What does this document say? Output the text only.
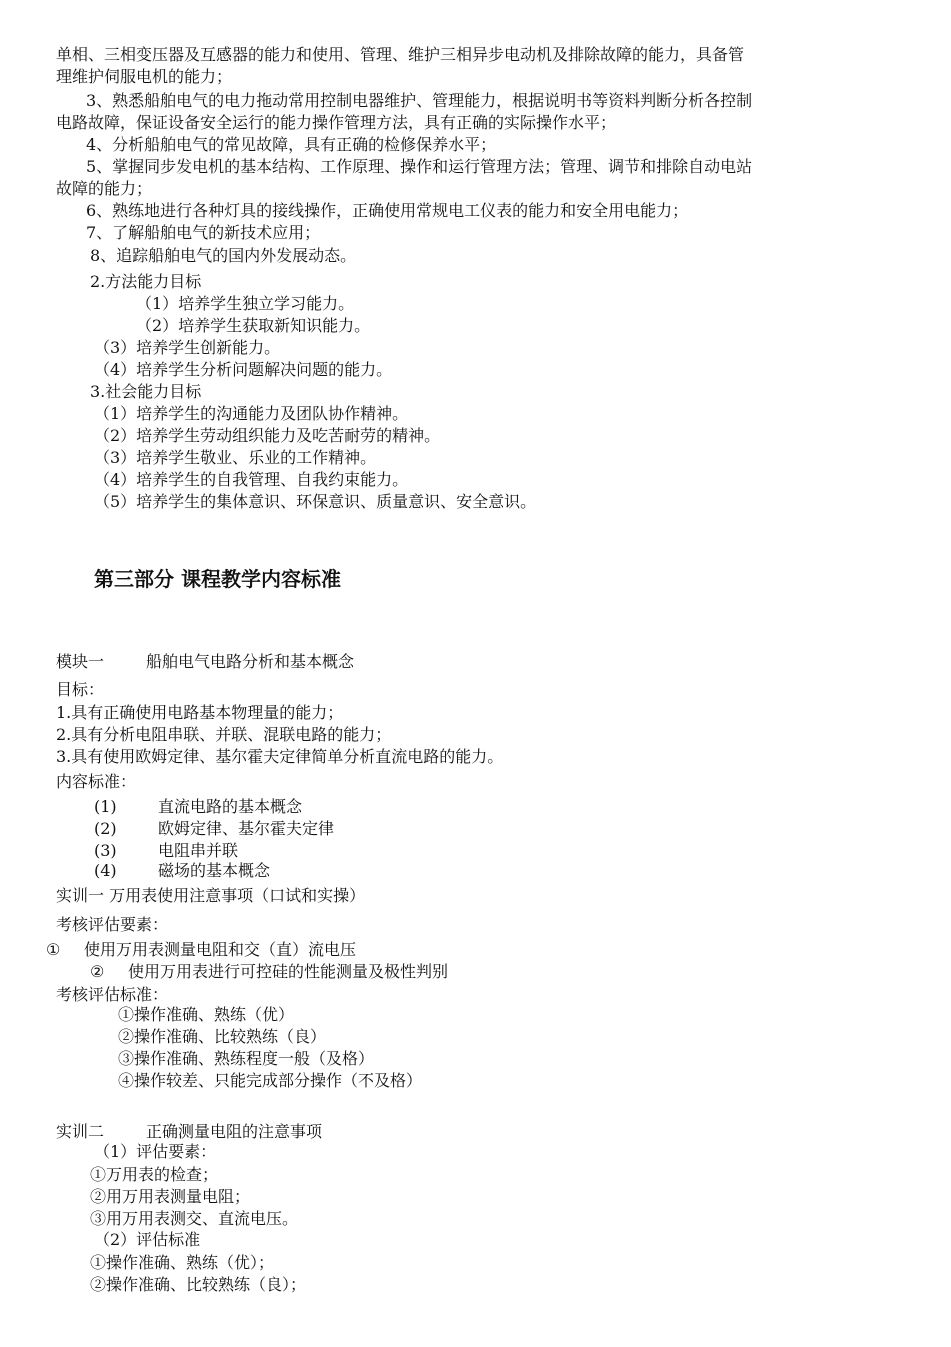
单相、三相变压器及互感器的能力和使用、管理、维护三相异步电动机及排除故障的能力，具备管
理维护伺服电机的能力；
3、熟悉船舶电气的电力拖动常用控制电器维护、管理能力，根据说明书等资料判断分析各控制
电路故障，保证设备安全运行的能力操作管理方法，具有正确的实际操作水平；
4、分析船舶电气的常见故障，具有正确的检修保养水平；
5、掌握同步发电机的基本结构、工作原理、操作和运行管理方法；管理、调节和排除自动电站
故障的能力；
6、熟练地进行各种灯具的接线操作，正确使用常规电工仪表的能力和安全用电能力；
7、了解船舶电气的新技术应用；
8、追踪船舶电气的国内外发展动态。
2.方法能力目标
（1）培养学生独立学习能力。
（2）培养学生获取新知识能力。
（3）培养学生创新能力。
（4）培养学生分析问题解决问题的能力。
3.社会能力目标
（1）培养学生的沟通能力及团队协作精神。
（2）培养学生劳动组织能力及吃苦耐劳的精神。
（3）培养学生敬业、乐业的工作精神。
（4）培养学生的自我管理、自我约束能力。
（5）培养学生的集体意识、环保意识、质量意识、安全意识。
第三部分 课程教学内容标准
模块一	船舶电气电路分析和基本概念
目标：
1.具有正确使用电路基本物理量的能力；
2.具有分析电阻串联、并联、混联电路的能力；
3.具有使用欧姆定律、基尔霍夫定律简单分析直流电路的能力。
内容标准：
(1)	直流电路的基本概念
(2)	欧姆定律、基尔霍夫定律
(3)	电阻串并联
(4)	磁场的基本概念
实训一 万用表使用注意事项（口试和实操）
考核评估要素：
① 使用万用表测量电阻和交（直）流电压
② 使用万用表进行可控硅的性能测量及极性判别
考核评估标准：
①操作准确、熟练（优）
②操作准确、比较熟练（良）
③操作准确、熟练程度一般（及格）
④操作较差、只能完成部分操作（不及格）
实训二	正确测量电阻的注意事项
（1）评估要素：
①万用表的检查；
②用万用表测量电阻；
③用万用表测交、直流电压。
（2）评估标准
①操作准确、熟练（优）；
②操作准确、比较熟练（良）；
